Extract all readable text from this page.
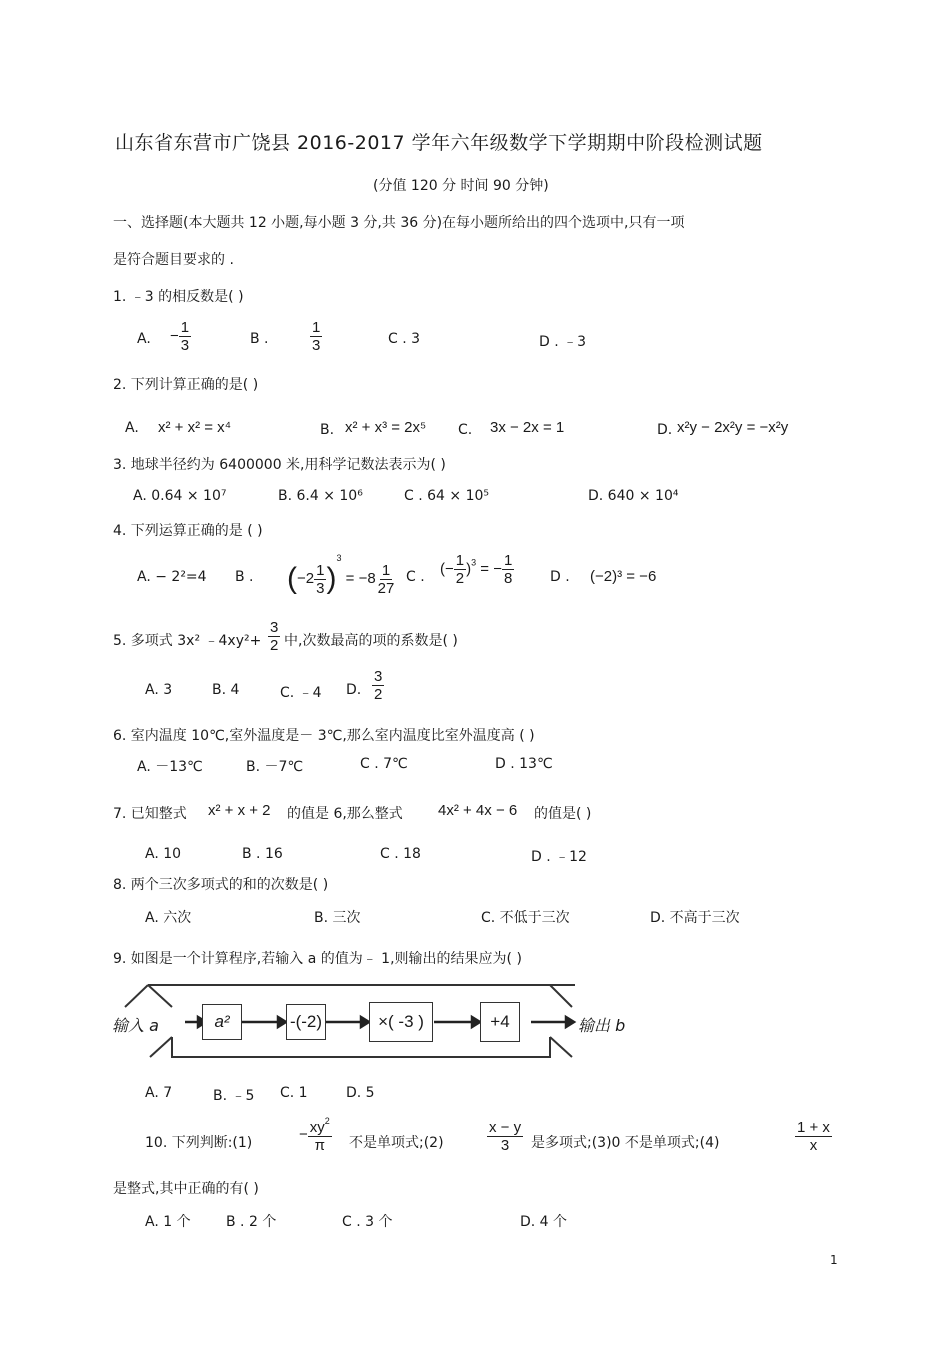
山东省东营市广饶县 2016-2017 学年六年级数学下学期期中阶段检测试题
(分值 120 分 时间 90 分钟)
一、选择题(本大题共 12 小题,每小题 3 分,共 36 分)在每小题所给出的四个选项中,只有一项
是符合题目要求的 .
1. ﹣3 的相反数是( )
A. − $\frac{1}{3}$	B .	$\frac{1}{3}$	C . 3	D . ﹣3
2. 下列计算正确的是( )
A. x² + x² = x⁴	B. x² + x³ = 2x⁵ C. 3x − 2x = 1	D. x²y − 2x²y = −x²y
3. 地球半径约为 6400000 米,用科学记数法表示为( )
A. 0.64 × 10⁷	B. 6.4 × 10⁶	C . 64 × 10⁵	D. 640 × 10⁴
4. 下列运算正确的是 ( )
A. − 2²=4 B . $(-2 \frac{1}{3} )^3 = -8 \frac{1}{27}$ C . (− $\frac{1}{2} )^3$ = − $\frac{1}{8}$	D . (−2)³ = −6
5. 多项式 3x² ﹣4xy²+ $\frac{3}{2}$ 中,次数最高的项的系数是( )
A. 3	B. 4	C. ﹣4 D. $\frac{3}{2}$
6. 室内温度 10℃,室外温度是－ 3℃,那么室内温度比室外温度高 ( )
A. －13℃	B. －7℃	C . 7℃	D . 13℃
7. 已知整式 x² + x + 2 的值是 6,那么整式 4x² + 4x − 6 的值是( )
A. 10	B . 16	C . 18	D . ﹣12
8. 两个三次多项式的和的次数是( )
A. 六次	B. 三次	C. 不低于三次	D. 不高于三次
9. 如图是一个计算程序,若输入 a 的值为﹣ 1,则输出的结果应为( )
输入 a	a²	-(-2)	×( -3 )	+4	输出 b
A. 7	B. ﹣5 C. 1	D. 5
10. 下列判断:(1)
− $\frac{xy^2}{\pi}$ 不是单项式;(2)	$\frac{x - y}{3}$ 是多项式;(3)0 不是单项式;(4)	$\frac{1 + x}{x}$
是整式,其中正确的有( )
A. 1 个	B . 2 个	C . 3 个	D. 4 个
1
